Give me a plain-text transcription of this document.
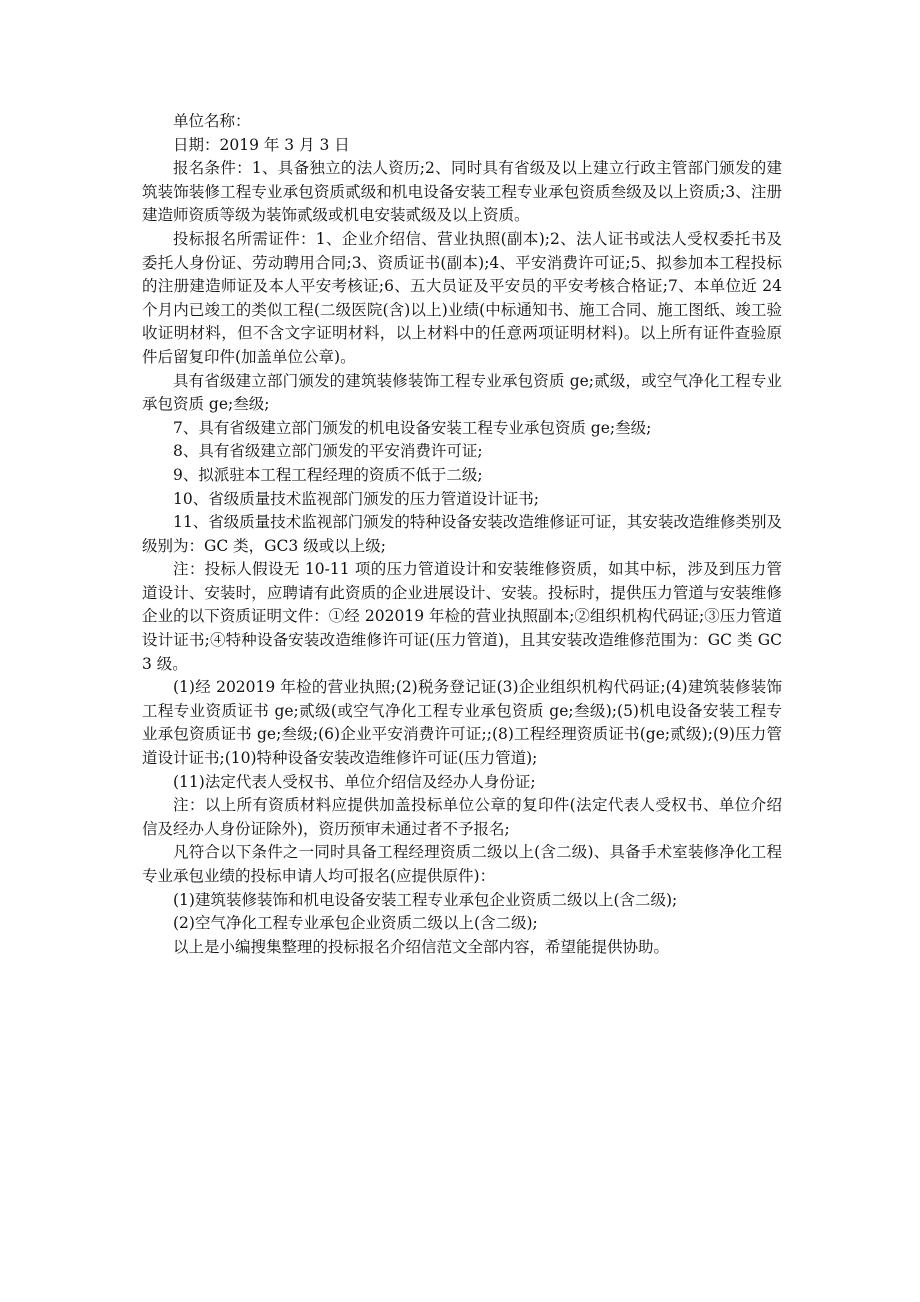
单位名称：

日期：2019 年 3 月 3 日

报名条件：1、具备独立的法人资历;2、同时具有省级及以上建立行政主管部门颁发的建筑装饰装修工程专业承包资质贰级和机电设备安装工程专业承包资质叁级及以上资质;3、注册建造师资质等级为装饰贰级或机电安装贰级及以上资质。

投标报名所需证件：1、企业介绍信、营业执照(副本);2、法人证书或法人受权委托书及委托人身份证、劳动聘用合同;3、资质证书(副本);4、平安消费许可证;5、拟参加本工程投标的注册建造师证及本人平安考核证;6、五大员证及平安员的平安考核合格证;7、本单位近 24 个月内已竣工的类似工程(二级医院(含)以上)业绩(中标通知书、施工合同、施工图纸、竣工验收证明材料，但不含文字证明材料，以上材料中的任意两项证明材料)。以上所有证件查验原件后留复印件(加盖单位公章)。

具有省级建立部门颁发的建筑装修装饰工程专业承包资质 ge;贰级，或空气净化工程专业承包资质 ge;叁级;

7、具有省级建立部门颁发的机电设备安装工程专业承包资质 ge;叁级;

8、具有省级建立部门颁发的平安消费许可证;

9、拟派驻本工程工程经理的资质不低于二级;

10、省级质量技术监视部门颁发的压力管道设计证书;

11、省级质量技术监视部门颁发的特种设备安装改造维修证可证，其安装改造维修类别及级别为：GC 类，GC3 级或以上级;

注：投标人假设无 10-11 项的压力管道设计和安装维修资质，如其中标，涉及到压力管道设计、安装时，应聘请有此资质的企业进展设计、安装。投标时，提供压力管道与安装维修企业的以下资质证明文件：①经 202019 年检的营业执照副本;②组织机构代码证;③压力管道设计证书;④特种设备安装改造维修许可证(压力管道)，且其安装改造维修范围为：GC 类 GC3 级。

(1)经 202019 年检的营业执照;(2)税务登记证(3)企业组织机构代码证;(4)建筑装修装饰工程专业资质证书 ge;贰级(或空气净化工程专业承包资质 ge;叁级);(5)机电设备安装工程专业承包资质证书 ge;叁级;(6)企业平安消费许可证;;(8)工程经理资质证书(ge;贰级);(9)压力管道设计证书;(10)特种设备安装改造维修许可证(压力管道);

(11)法定代表人受权书、单位介绍信及经办人身份证;

注：以上所有资质材料应提供加盖投标单位公章的复印件(法定代表人受权书、单位介绍信及经办人身份证除外)，资历预审未通过者不予报名;

凡符合以下条件之一同时具备工程经理资质二级以上(含二级)、具备手术室装修净化工程专业承包业绩的投标申请人均可报名(应提供原件)：

(1)建筑装修装饰和机电设备安装工程专业承包企业资质二级以上(含二级);

(2)空气净化工程专业承包企业资质二级以上(含二级);

以上是小编搜集整理的投标报名介绍信范文全部内容，希望能提供协助。
